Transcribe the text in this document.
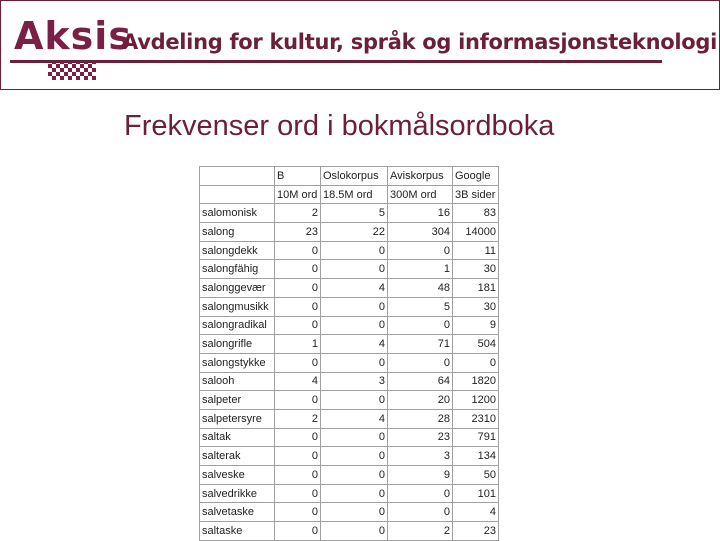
Aksis
Avdeling for kultur, språk og informasjonsteknologi
Frekvenser ord i bokmålsordboka
	B	Oslokorpus	Aviskorpus	Google
	10M ord	18.5M ord	300M ord	3B sider
salomonisk	2	5	16	83
salong	23	22	304	14000
salongdekk	0	0	0	11
salongfähig	0	0	1	30
salonggevær	0	4	48	181
salongmusikk	0	0	5	30
salongradikal	0	0	0	9
salongrifle	1	4	71	504
salongstykke	0	0	0	0
salooh	4	3	64	1820
salpeter	0	0	20	1200
salpetersyre	2	4	28	2310
saltak	0	0	23	791
salterak	0	0	3	134
salveske	0	0	9	50
salvedrikke	0	0	0	101
salvetaske	0	0	0	4
saltaske	0	0	2	23
